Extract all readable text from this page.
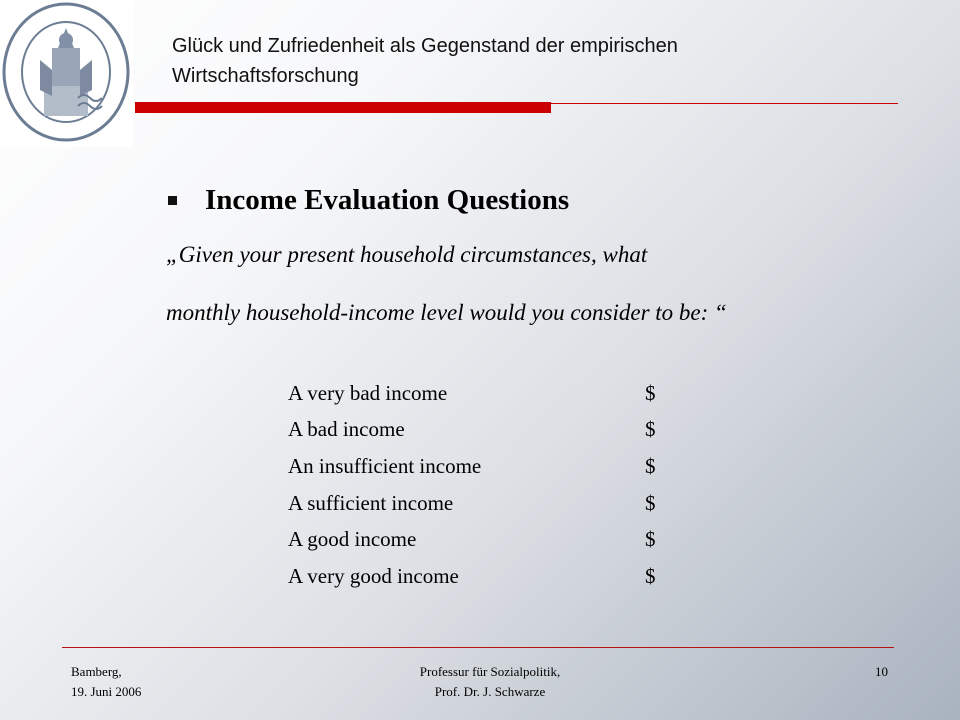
Glück und Zufriedenheit als Gegenstand der empirischen
Wirtschaftsforschung
Income Evaluation Questions
„Given your present household circumstances, what
monthly household-income level would you consider to be: “
A very bad income	$
A bad income	$
An insufficient income	$
A sufficient income	$
A good income	$
A very good income	$
Bamberg,
19. Juni 2006
Professur für Sozialpolitik,
Prof. Dr. J. Schwarze
10
